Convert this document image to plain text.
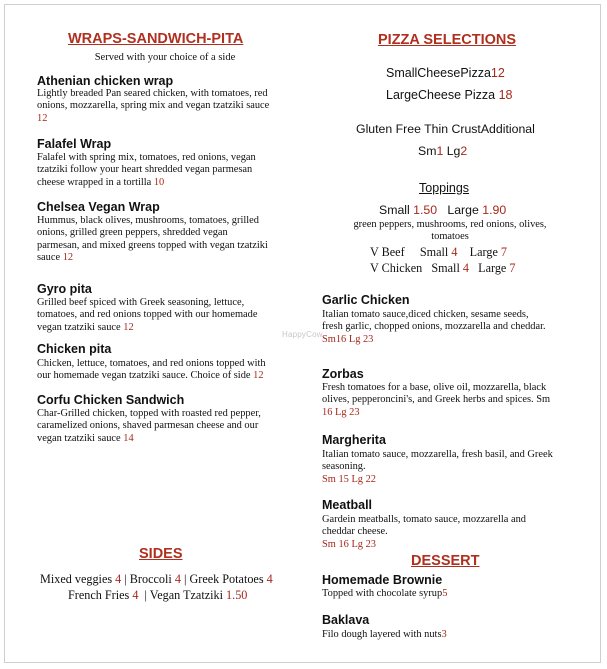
WRAPS-SANDWICH-PITA
Served with your choice of a side
Athenian chicken wrap
Lightly breaded Pan seared chicken, with tomatoes, red
onions, mozzarella, spring mix and vegan tzatziki sauce
12
Falafel Wrap
Falafel with spring mix, tomatoes, red onions, vegan
tzatziki follow your heart shredded vegan parmesan
cheese wrapped in a tortilla 10
Chelsea Vegan Wrap
Hummus, black olives, mushrooms, tomatoes, grilled
onions, grilled green peppers, shredded vegan
parmesan, and mixed greens topped with vegan tzatziki
sauce 12
Gyro pita
Grilled beef spiced with Greek seasoning, lettuce,
tomatoes, and red onions topped with our homemade
vegan tzatziki sauce 12
Chicken pita
Chicken, lettuce, tomatoes, and red onions topped with
our homemade vegan tzatziki sauce. Choice of side 12
Corfu Chicken Sandwich
Char-Grilled chicken, topped with roasted red pepper,
caramelized onions, shaved parmesan cheese and our
vegan tzatziki sauce 14
SIDES
Mixed veggies 4 | Broccoli 4 | Greek Potatoes 4
French Fries 4  | Vegan Tzatziki 1.50
PIZZA SELECTIONS
SmallCheesePizza12
LargeCheese Pizza 18
Gluten Free Thin CrustAdditional
Sm1 Lg2
Toppings
Small 1.50 Large 1.90
green peppers, mushrooms, red onions, olives,
tomatoes
V Beef Small 4 Large 7
V Chicken Small 4 Large 7
Garlic Chicken
Italian tomato sauce,diced chicken, sesame seeds,
fresh garlic, chopped onions, mozzarella and cheddar.
Sm16 Lg 23
Zorbas
Fresh tomatoes for a base, olive oil, mozzarella, black
olives, pepperoncini's, and Greek herbs and spices. Sm
16 Lg 23
Margherita
Italian tomato sauce, mozzarella, fresh basil, and Greek
seasoning.
Sm 15 Lg 22
Meatball
Gardein meatballs, tomato sauce, mozzarella and
cheddar cheese.
Sm 16 Lg 23
DESSERT
Homemade Brownie
Topped with chocolate syrup5
Baklava
Filo dough layered with nuts3
HappyCow
